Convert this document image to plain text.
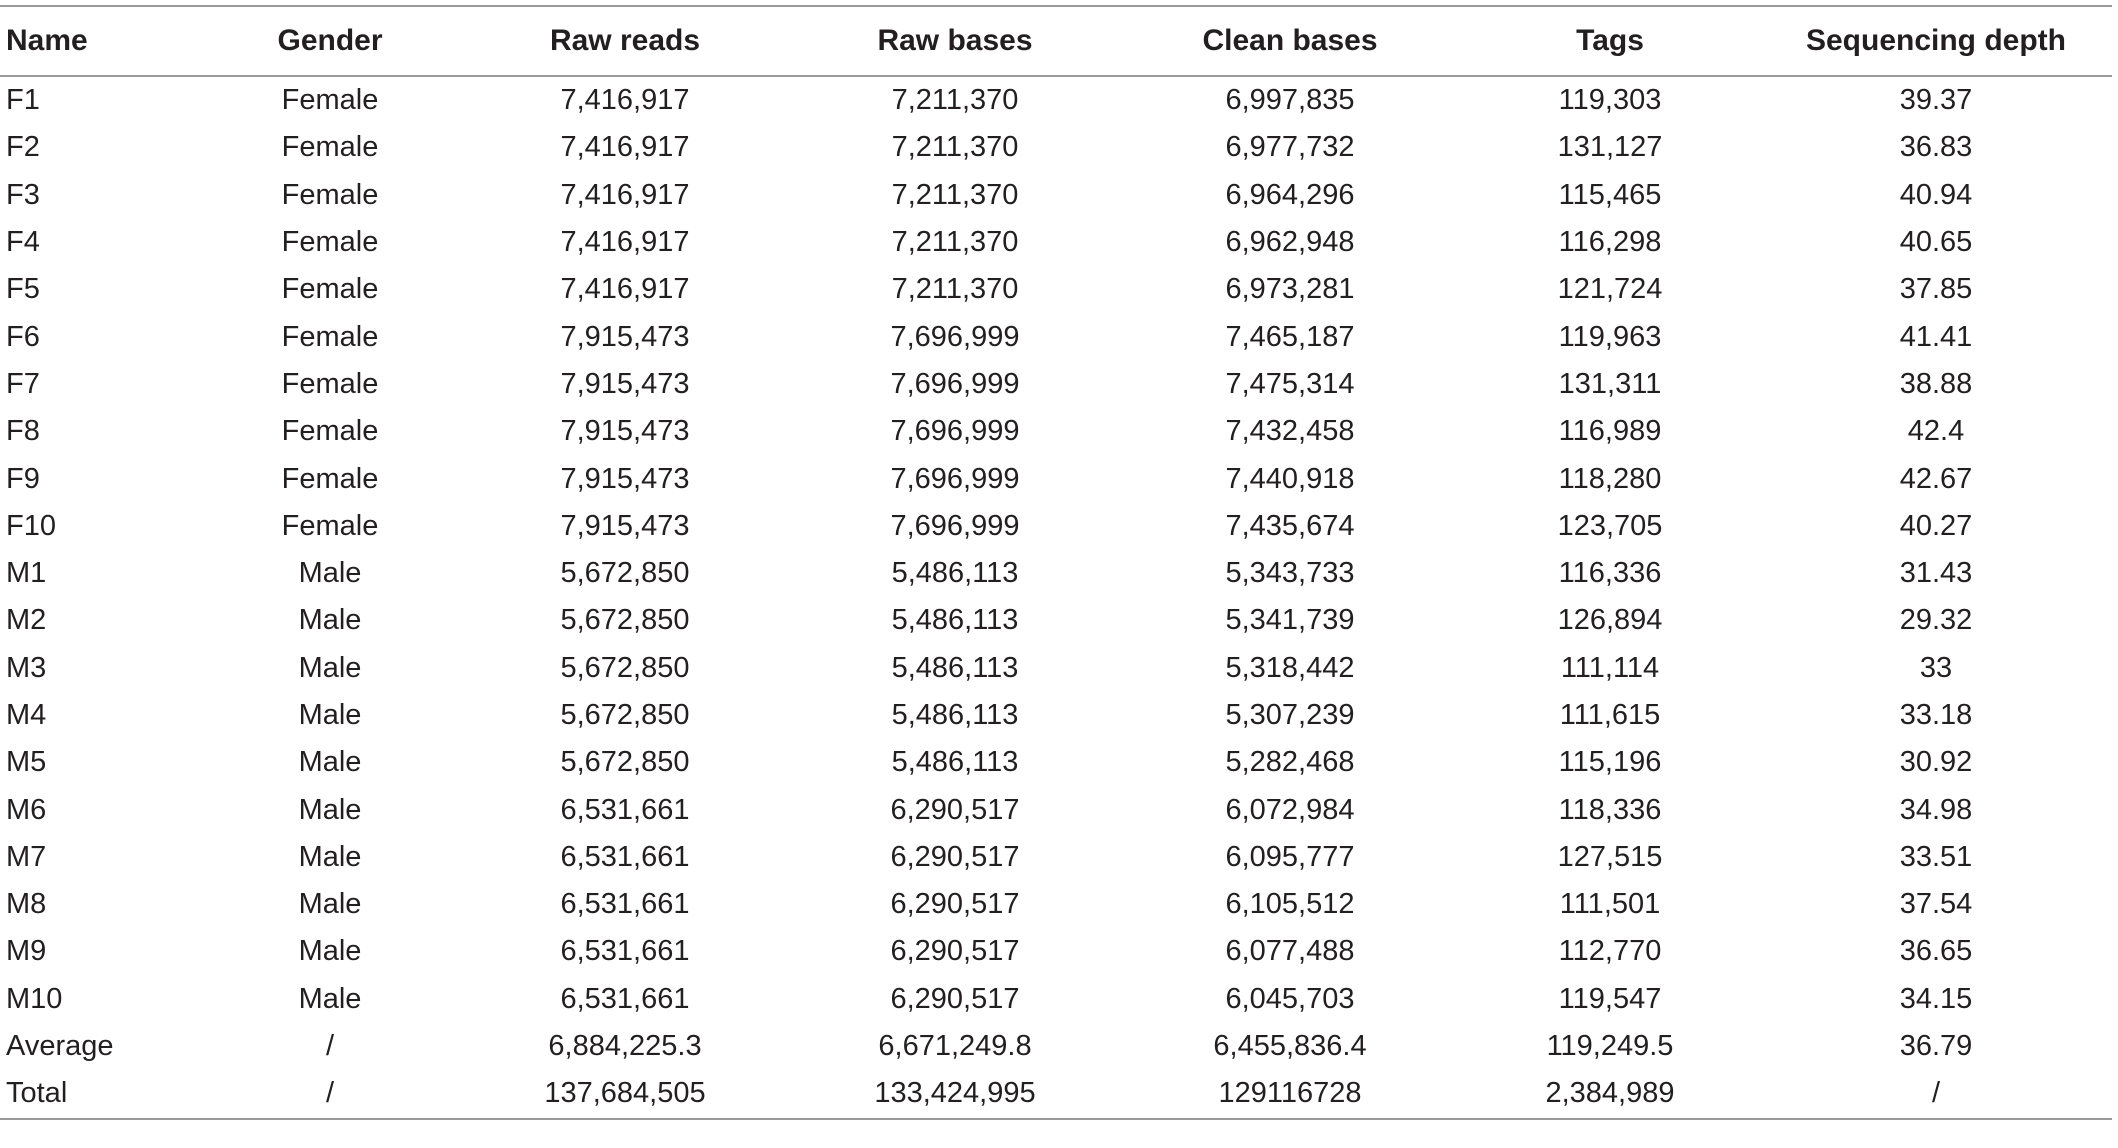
Name	Gender	Raw reads	Raw bases	Clean bases	Tags	Sequencing depth
F1	Female	7,416,917	7,211,370	6,997,835	119,303	39.37
F2	Female	7,416,917	7,211,370	6,977,732	131,127	36.83
F3	Female	7,416,917	7,211,370	6,964,296	115,465	40.94
F4	Female	7,416,917	7,211,370	6,962,948	116,298	40.65
F5	Female	7,416,917	7,211,370	6,973,281	121,724	37.85
F6	Female	7,915,473	7,696,999	7,465,187	119,963	41.41
F7	Female	7,915,473	7,696,999	7,475,314	131,311	38.88
F8	Female	7,915,473	7,696,999	7,432,458	116,989	42.4
F9	Female	7,915,473	7,696,999	7,440,918	118,280	42.67
F10	Female	7,915,473	7,696,999	7,435,674	123,705	40.27
M1	Male	5,672,850	5,486,113	5,343,733	116,336	31.43
M2	Male	5,672,850	5,486,113	5,341,739	126,894	29.32
M3	Male	5,672,850	5,486,113	5,318,442	111,114	33
M4	Male	5,672,850	5,486,113	5,307,239	111,615	33.18
M5	Male	5,672,850	5,486,113	5,282,468	115,196	30.92
M6	Male	6,531,661	6,290,517	6,072,984	118,336	34.98
M7	Male	6,531,661	6,290,517	6,095,777	127,515	33.51
M8	Male	6,531,661	6,290,517	6,105,512	111,501	37.54
M9	Male	6,531,661	6,290,517	6,077,488	112,770	36.65
M10	Male	6,531,661	6,290,517	6,045,703	119,547	34.15
Average	/	6,884,225.3	6,671,249.8	6,455,836.4	119,249.5	36.79
Total	/	137,684,505	133,424,995	129116728	2,384,989	/
